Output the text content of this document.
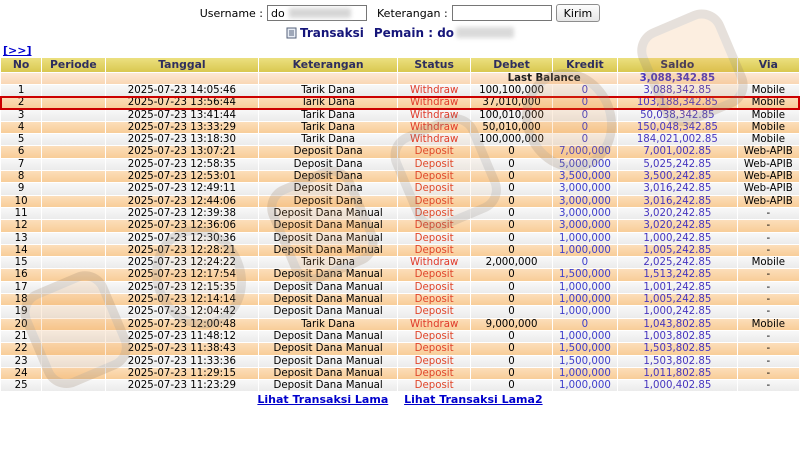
Username :
do	Keterangan :	Kirim
Transaksi Pemain : do
[>>]
No	Periode	Tanggal	Keterangan	Status	Debet	Kredit	Saldo	Via
					Last Balance		3,088,342.85	
1		2025-07-23 14:05:46	Tarik Dana	Withdraw	100,100,000	0	3,088,342.85	Mobile
2		2025-07-23 13:56:44	Tarik Dana	Withdraw	37,010,000	0	103,188,342.85	Mobile
3		2025-07-23 13:41:44	Tarik Dana	Withdraw	100,010,000	0	50,038,342.85	Mobile
4		2025-07-23 13:33:29	Tarik Dana	Withdraw	50,010,000	0	150,048,342.85	Mobile
5		2025-07-23 13:18:30	Tarik Dana	Withdraw	100,000,000	0	184,021,002.85	Mobile
6		2025-07-23 13:07:21	Deposit Dana	Deposit	0	7,000,000	7,001,002.85	Web-APIB
7		2025-07-23 12:58:35	Deposit Dana	Deposit	0	5,000,000	5,025,242.85	Web-APIB
8		2025-07-23 12:53:01	Deposit Dana	Deposit	0	3,500,000	3,500,242.85	Web-APIB
9		2025-07-23 12:49:11	Deposit Dana	Deposit	0	3,000,000	3,016,242.85	Web-APIB
10		2025-07-23 12:44:06	Deposit Dana	Deposit	0	3,000,000	3,016,242.85	Web-APIB
11		2025-07-23 12:39:38	Deposit Dana Manual	Deposit	0	3,000,000	3,020,242.85	-
12		2025-07-23 12:36:06	Deposit Dana Manual	Deposit	0	3,000,000	3,020,242.85	-
13		2025-07-23 12:30:36	Deposit Dana Manual	Deposit	0	1,000,000	1,000,242.85	-
14		2025-07-23 12:28:21	Deposit Dana Manual	Deposit	0	1,000,000	1,005,242.85	-
15		2025-07-23 12:24:22	Tarik Dana	Withdraw	2,000,000	0	2,025,242.85	Mobile
16		2025-07-23 12:17:54	Deposit Dana Manual	Deposit	0	1,500,000	1,513,242.85	-
17		2025-07-23 12:15:35	Deposit Dana Manual	Deposit	0	1,000,000	1,001,242.85	-
18		2025-07-23 12:14:14	Deposit Dana Manual	Deposit	0	1,000,000	1,005,242.85	-
19		2025-07-23 12:04:42	Deposit Dana Manual	Deposit	0	1,000,000	1,000,242.85	-
20		2025-07-23 12:00:48	Tarik Dana	Withdraw	9,000,000	0	1,043,802.85	Mobile
21		2025-07-23 11:48:12	Deposit Dana Manual	Deposit	0	1,000,000	1,003,802.85	-
22		2025-07-23 11:38:43	Deposit Dana Manual	Deposit	0	1,500,000	1,503,802.85	-
23		2025-07-23 11:33:36	Deposit Dana Manual	Deposit	0	1,500,000	1,503,802.85	-
24		2025-07-23 11:29:15	Deposit Dana Manual	Deposit	0	1,000,000	1,011,802.85	-
25		2025-07-23 11:23:29	Deposit Dana Manual	Deposit	0	1,000,000	1,000,402.85	-
Lihat Transaksi Lama Lihat Transaksi Lama2
